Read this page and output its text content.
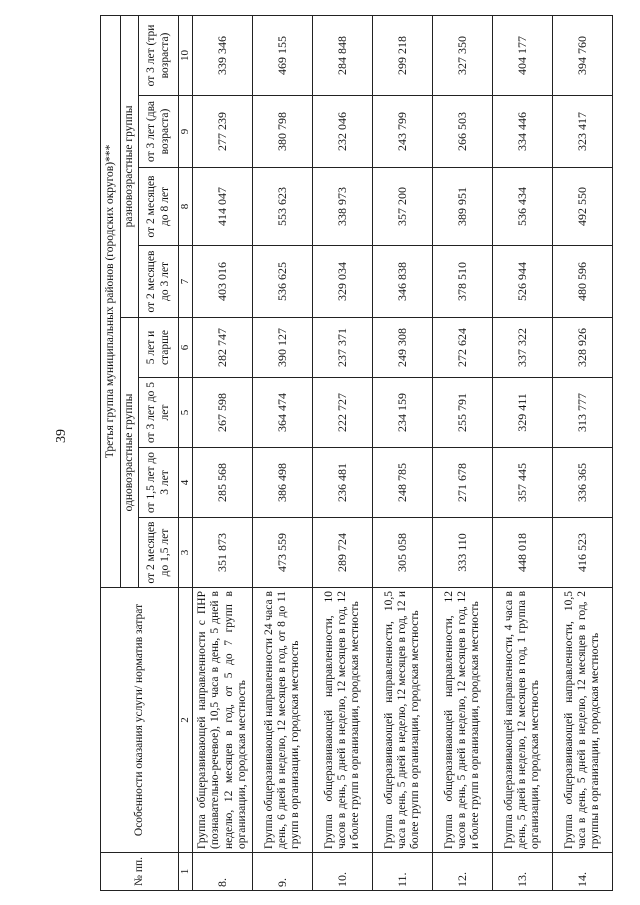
39
№ пп.	Особенности оказания услуги/ норматив затрат	Третья группа муниципальных районов (городских округов)***							
		одновозрастные группы				разновозрастные группы			
		от 2 месяцев до 1,5 лет	от 1,5 лет до 3 лет	от 3 лет до 5 лет	5 лет и старше	от 2 месяцев до 3 лет	от 2 месяцев до 8 лет	от 3 лет (два возраста)	от 3 лет (три возраста)
1	2	3	4	5	6	7	8	9	10
8.	Группа общеразвивающей направленности с ПНР (познавательно-речевое), 10,5 часа в день, 5 дней в неделю, 12 месяцев в год, от 5 до 7 групп в организации, городская местность	351 873	285 568	267 598	282 747	403 016	414 047	277 239	339 346
9.	Группа общеразвивающей направленности 24 часа в день, 6 дней в неделю, 12 месяцев в год, от 8 до 11 групп в организации, городская местность	473 559	386 498	364 474	390 127	536 625	553 623	380 798	469 155
10.	Группа общеразвивающей направленности, 10 часов в день, 5 дней в неделю, 12 месяцев в год, 12 и более групп в организации, городская местность	289 724	236 481	222 727	237 371	329 034	338 973	232 046	284 848
11.	Группа общеразвивающей направленности, 10,5 часа в день, 5 дней в неделю, 12 месяцев в год, 12 и более групп в организации, городская местность	305 058	248 785	234 159	249 308	346 838	357 200	243 799	299 218
12.	Группа общеразвивающей направленности, 12 часов в день, 5 дней в неделю, 12 месяцев в год, 12 и более групп в организации, городская местность	333 110	271 678	255 791	272 624	378 510	389 951	266 503	327 350
13.	Группа общеразвивающей направленности, 4 часа в день, 5 дней в неделю, 12 месяцев в год, 1 группа в организации, городская местность	448 018	357 445	329 411	337 322	526 944	536 434	334 446	404 177
14.	Группа общеразвивающей направленности, 10,5 часа в день, 5 дней в неделю, 12 месяцев в год, 2 группы в организации, городская местность	416 523	336 365	313 777	328 926	480 596	492 550	323 417	394 760
